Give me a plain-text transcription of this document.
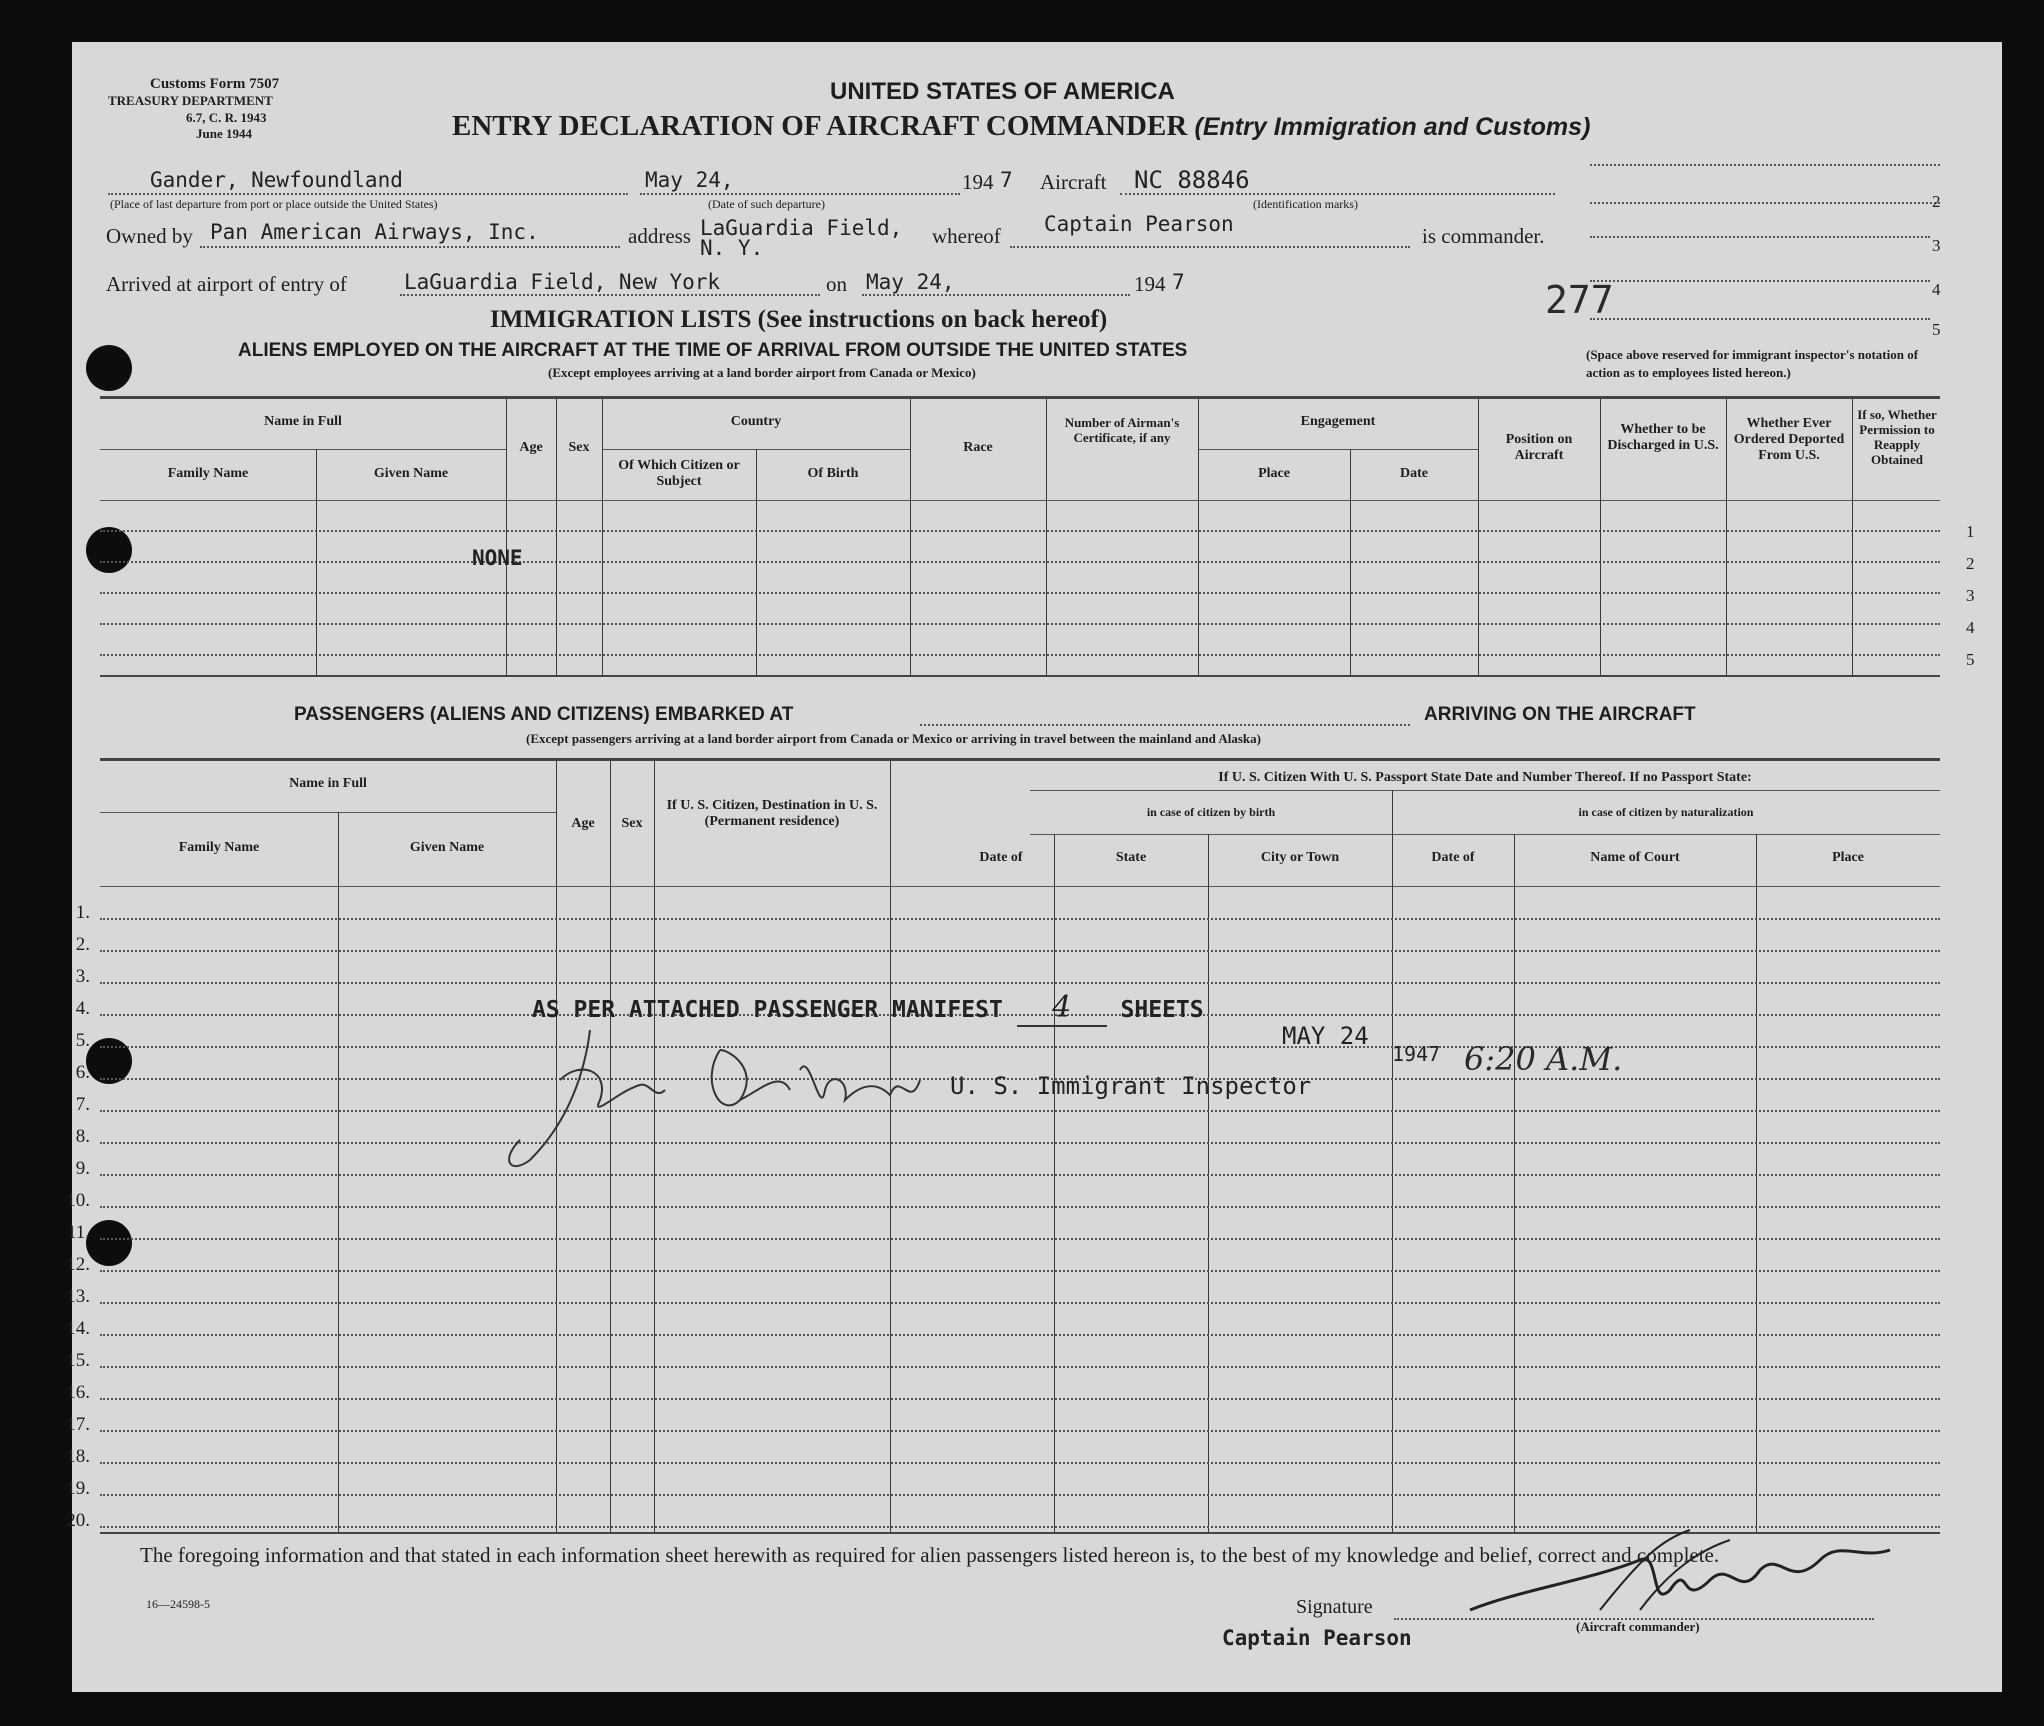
Customs Form 7507
TREASURY DEPARTMENT
6.7, C. R. 1943
June 1944
UNITED STATES OF AMERICA
ENTRY DECLARATION OF AIRCRAFT COMMANDER (Entry Immigration and Customs)
Gander, Newfoundland
(Place of last departure from port or place outside the United States)
May 24,
(Date of such departure)
194 7 Aircraft NC 88846
(Identification marks)
Owned by Pan American Airways, Inc.	address LaGuardia Field,
N. Y.	whereof Captain Pearson	is commander.
Arrived at airport of entry of	LaGuardia Field, New York	on May 24,	194 7	277
2
3
4
5
(Space above reserved for immigrant inspector's notation of action as to employees listed hereon.)
IMMIGRATION LISTS (See instructions on back hereof)
ALIENS EMPLOYED ON THE AIRCRAFT AT THE TIME OF ARRIVAL FROM OUTSIDE THE UNITED STATES
(Except employees arriving at a land border airport from Canada or Mexico)
Name in Full
Family Name	Given Name
Age	Sex
Country
Of Which Citizen or Subject
Of Birth
Race
Number of Airman's Certificate, if any
Engagement
Place	Date
Position on Aircraft
Whether to be Discharged in U.S.
Whether Ever Ordered Deported From U.S.
If so, Whether Permission to Reapply Obtained
NONE
1
2
3
4
5
PASSENGERS (ALIENS AND CITIZENS) EMBARKED AT	ARRIVING ON THE AIRCRAFT
(Except passengers arriving at a land border airport from Canada or Mexico or arriving in travel between the mainland and Alaska)
Name in Full
Family Name	Given Name
Age	Sex
If U. S. Citizen, Destination in U. S. (Permanent residence)
If U. S. Citizen With U. S. Passport State Date and Number Thereof. If no Passport State:
in case of citizen by birth	in case of citizen by naturalization
Date of	State	City or Town	Date of	Name of Court	Place
1.
2.
3.
4.
5.
6.
7.
8.
9.
10.
11.
12.
13.
14.
15.
16.
17.
18.
19.
20.
AS PER ATTACHED PASSENGER MANIFEST 4 SHEETS
MAY 24
1947 6:20 A.M.
U. S. Immigrant Inspector
The foregoing information and that stated in each information sheet herewith as required for alien passengers listed hereon is, to the best of my knowledge and belief, correct and complete.
16—24598-5	Signature
(Aircraft commander)
Captain Pearson
